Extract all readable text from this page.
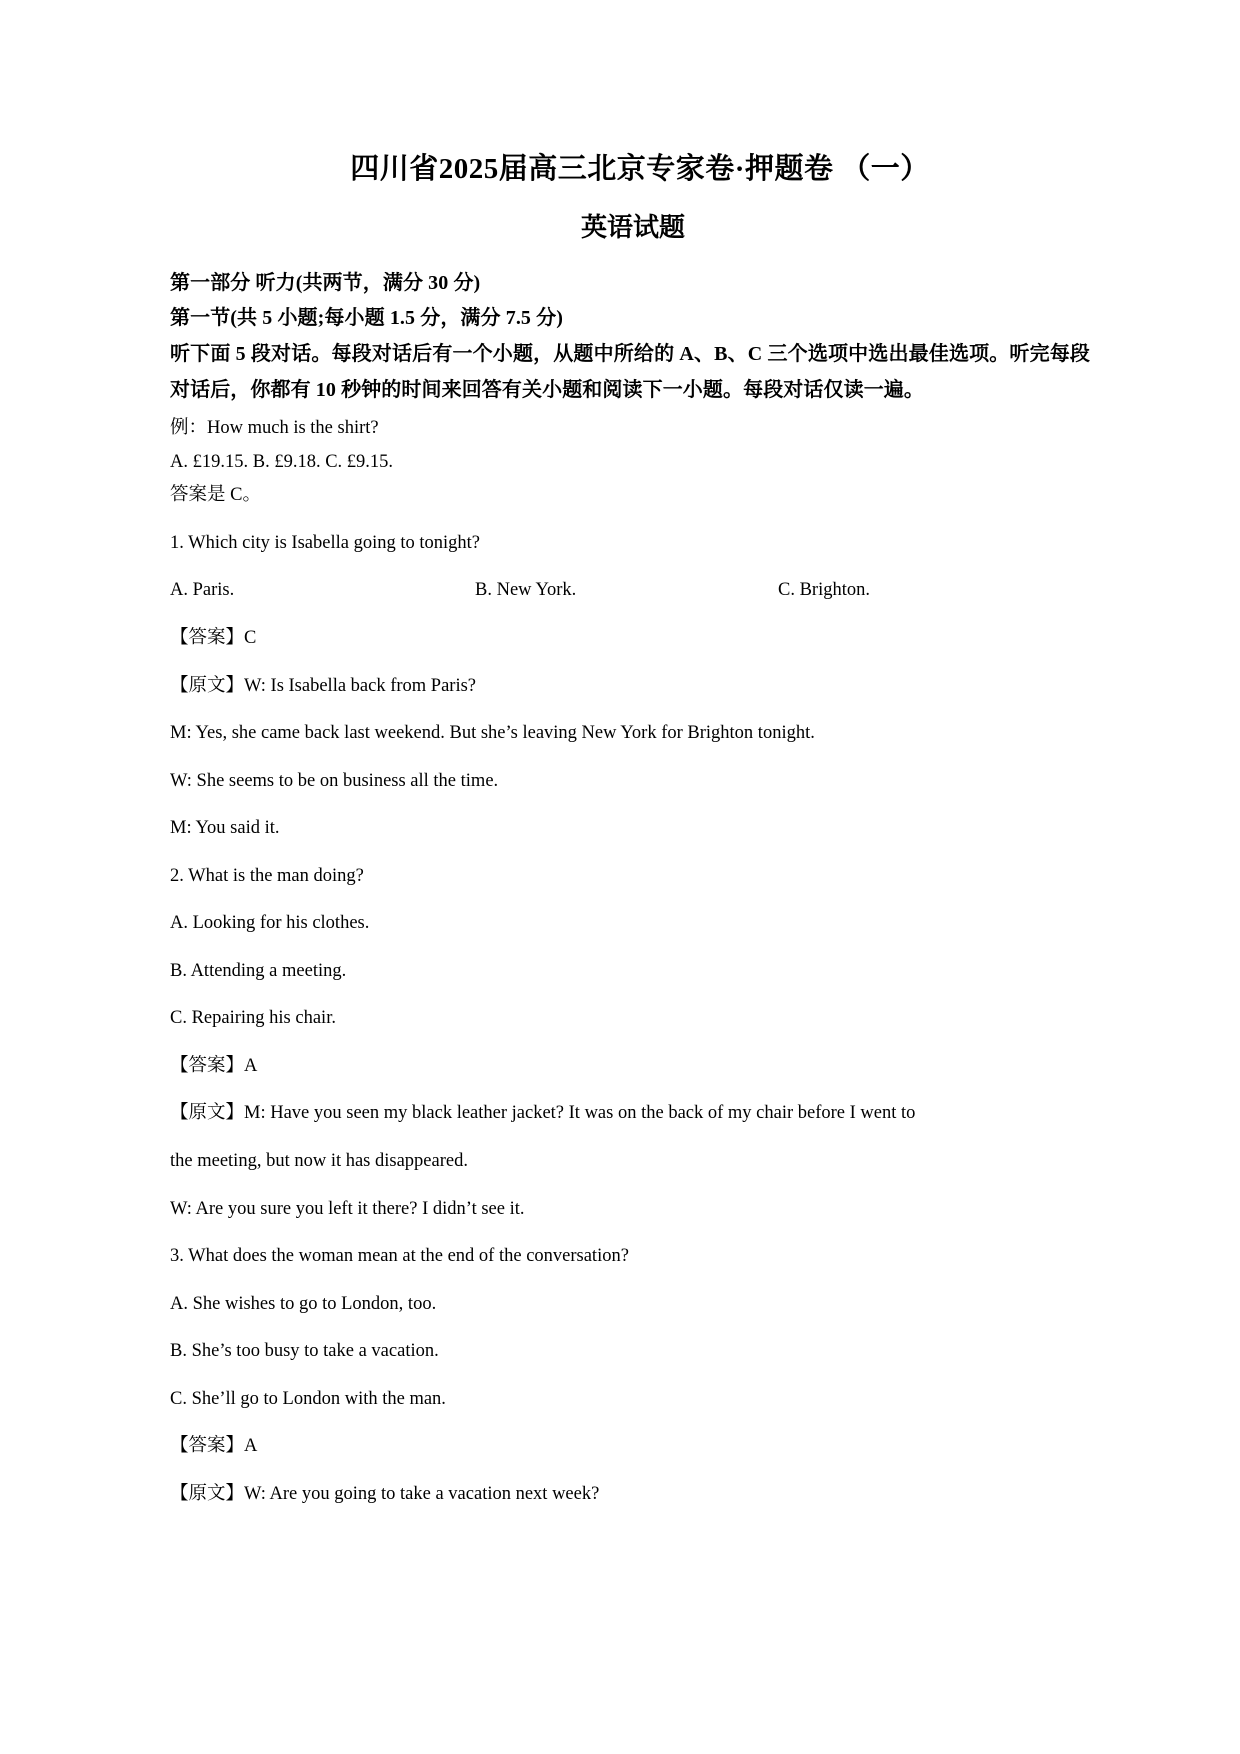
四川省2025届高三北京专家卷·押题卷 （一）
英语试题
第一部分 听力(共两节，满分 30 分)
第一节(共 5 小题;每小题 1.5 分，满分 7.5 分)
听下面 5 段对话。每段对话后有一个小题，从题中所给的 A、B、C 三个选项中选出最佳选项。听完每段对话后，你都有 10 秒钟的时间来回答有关小题和阅读下一小题。每段对话仅读一遍。
例：How much is the shirt?
A. £19.15. B. £9.18. C. £9.15.
答案是 C。
1. Which city is Isabella going to tonight?
A. Paris.	B. New York.	C. Brighton.
【答案】C
【原文】W: Is Isabella back from Paris?
M: Yes, she came back last weekend. But she’s leaving New York for Brighton tonight.
W: She seems to be on business all the time.
M: You said it.
2. What is the man doing?
A. Looking for his clothes.
B. Attending a meeting.
C. Repairing his chair.
【答案】A
【原文】M: Have you seen my black leather jacket? It was on the back of my chair before I went to
the meeting, but now it has disappeared.
W: Are you sure you left it there? I didn’t see it.
3. What does the woman mean at the end of the conversation?
A. She wishes to go to London, too.
B. She’s too busy to take a vacation.
C. She’ll go to London with the man.
【答案】A
【原文】W: Are you going to take a vacation next week?
